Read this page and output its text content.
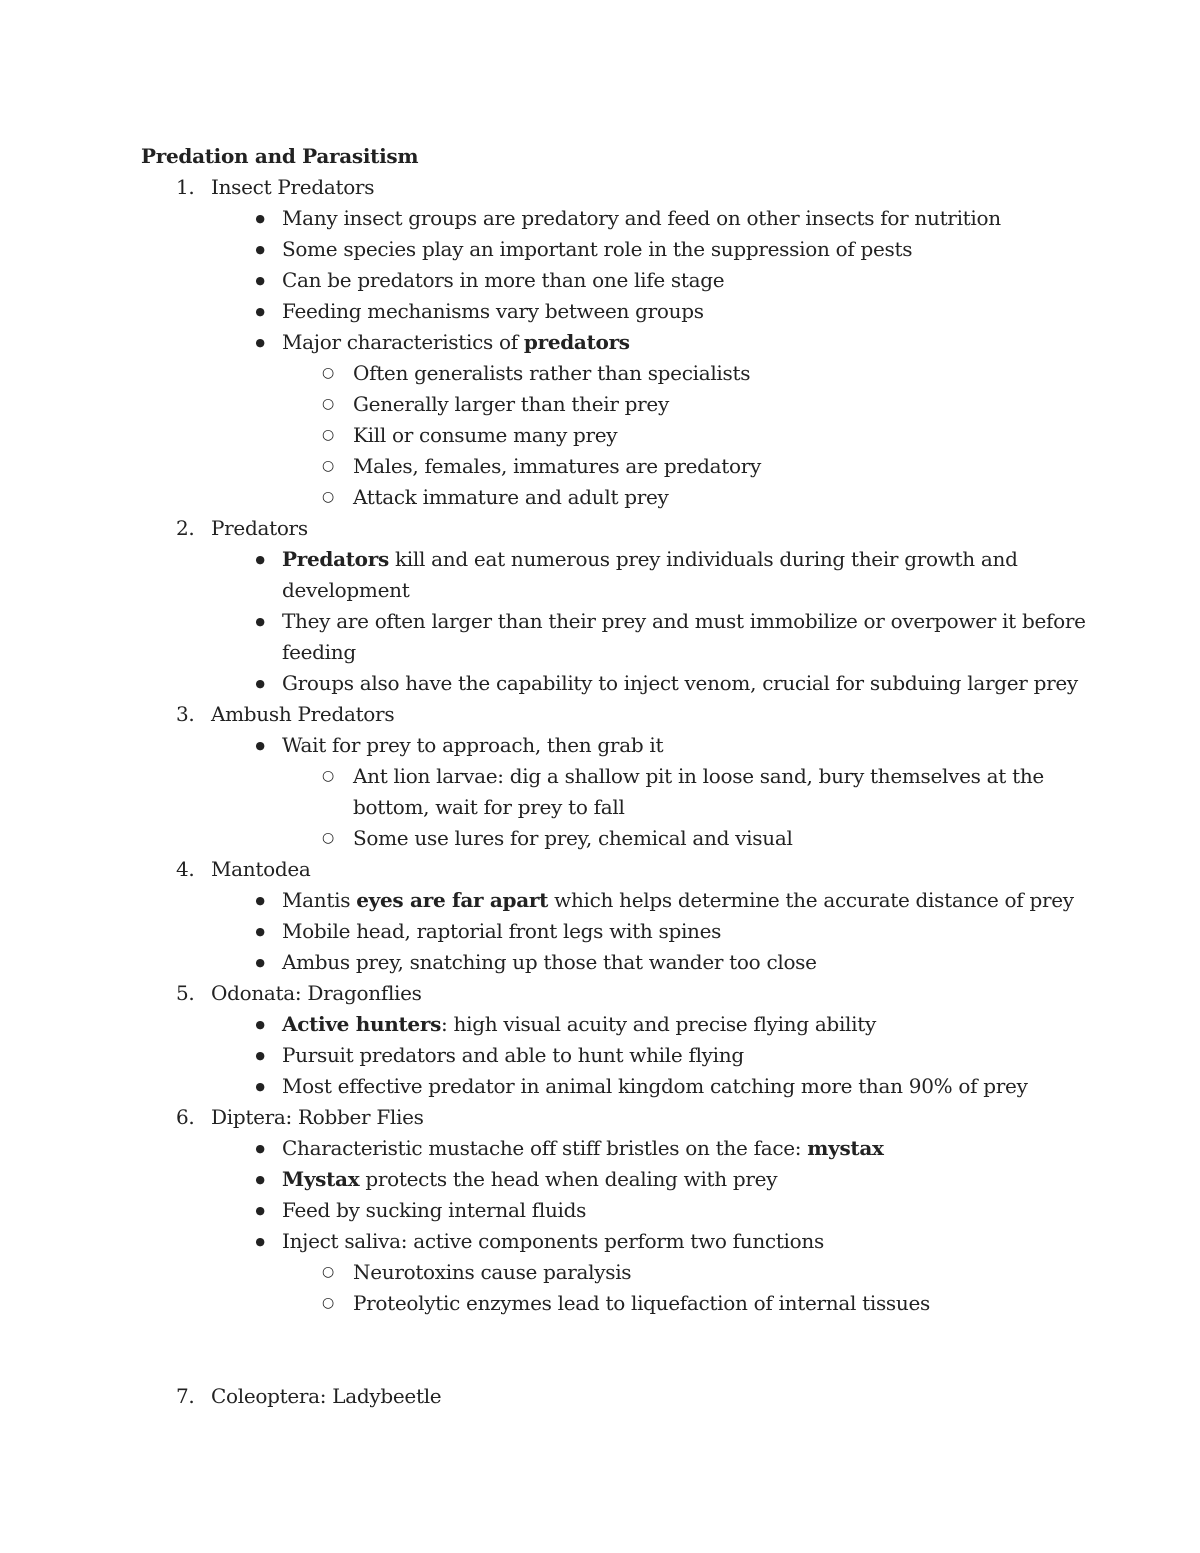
Predation and Parasitism
1. Insect Predators
● Many insect groups are predatory and feed on other insects for nutrition
● Some species play an important role in the suppression of pests
● Can be predators in more than one life stage
● Feeding mechanisms vary between groups
● Major characteristics of predators
○ Often generalists rather than specialists
○ Generally larger than their prey
○ Kill or consume many prey
○ Males, females, immatures are predatory
○ Attack immature and adult prey
2. Predators
● Predators kill and eat numerous prey individuals during their growth and
development
● They are often larger than their prey and must immobilize or overpower it before
feeding
● Groups also have the capability to inject venom, crucial for subduing larger prey
3. Ambush Predators
● Wait for prey to approach, then grab it
○ Ant lion larvae: dig a shallow pit in loose sand, bury themselves at the
bottom, wait for prey to fall
○ Some use lures for prey, chemical and visual
4. Mantodea
● Mantis eyes are far apart which helps determine the accurate distance of prey
● Mobile head, raptorial front legs with spines
● Ambus prey, snatching up those that wander too close
5. Odonata: Dragonflies
● Active hunters: high visual acuity and precise flying ability
● Pursuit predators and able to hunt while flying
● Most effective predator in animal kingdom catching more than 90% of prey
6. Diptera: Robber Flies
● Characteristic mustache off stiff bristles on the face: mystax
● Mystax protects the head when dealing with prey
● Feed by sucking internal fluids
● Inject saliva: active components perform two functions
○ Neurotoxins cause paralysis
○ Proteolytic enzymes lead to liquefaction of internal tissues
7. Coleoptera: Ladybeetle
